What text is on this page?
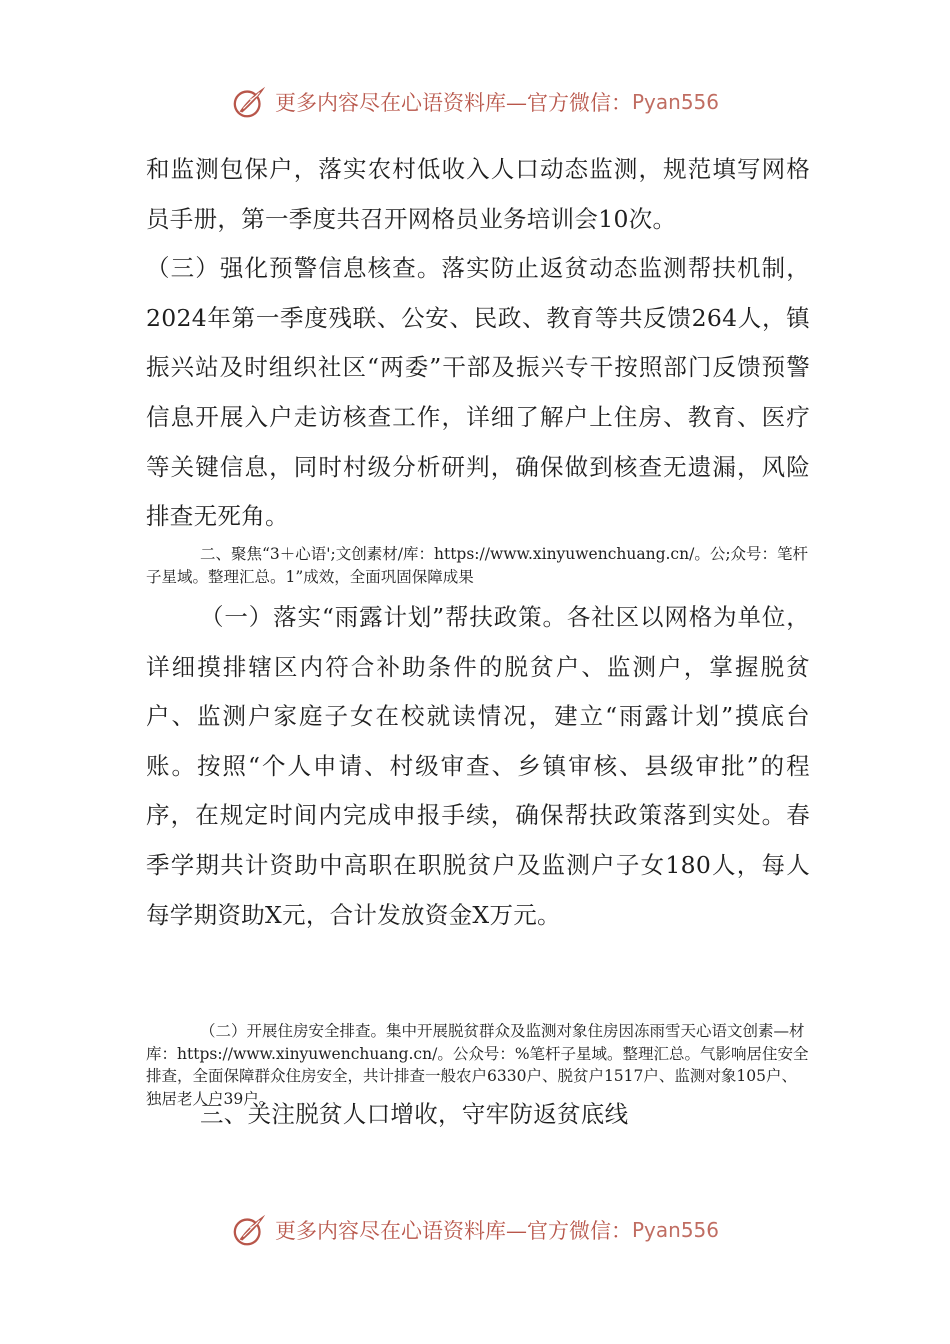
更多内容尽在心语资料库—官方微信： Pyan556

和监测包保户，落实农村低收入人口动态监测，规范填写网格员手册，第一季度共召开网格员业务培训会10次。

（三）强化预警信息核查。落实防止返贫动态监测帮扶机制，2024年第一季度残联、公安、民政、教育等共反馈264人，镇振兴站及时组织社区“两委”干部及振兴专干按照部门反馈预警信息开展入户走访核查工作，详细了解户上住房、教育、医疗等关键信息，同时村级分析研判，确保做到核查无遗漏，风险排查无死角。

二、聚焦“3＋心语';文创素材/库：https://www.xinyuwenchuang.cn/。公;众号：笔杆子星域。整理汇总。1”成效，全面巩固保障成果

（一）落实“雨露计划”帮扶政策。各社区以网格为单位，详细摸排辖区内符合补助条件的脱贫户、监测户，掌握脱贫户、监测户家庭子女在校就读情况，建立“雨露计划”摸底台账。按照“个人申请、村级审查、乡镇审核、县级审批”的程序，在规定时间内完成申报手续，确保帮扶政策落到实处。春季学期共计资助中高职在职脱贫户及监测户子女180人，每人每学期资助X元，合计发放资金X万元。

（二）开展住房安全排查。集中开展脱贫群众及监测对象住房因冻雨雪天心语文创素—材库：https://www.xinyuwenchuang.cn/。公众号：%笔杆子星域。整理汇总。气影响居住安全排查，全面保障群众住房安全，共计排查一般农户6330户、脱贫户1517户、监测对象105户、独居老人户39户。

三、关注脱贫人口增收，守牢防返贫底线

更多内容尽在心语资料库—官方微信： Pyan556
